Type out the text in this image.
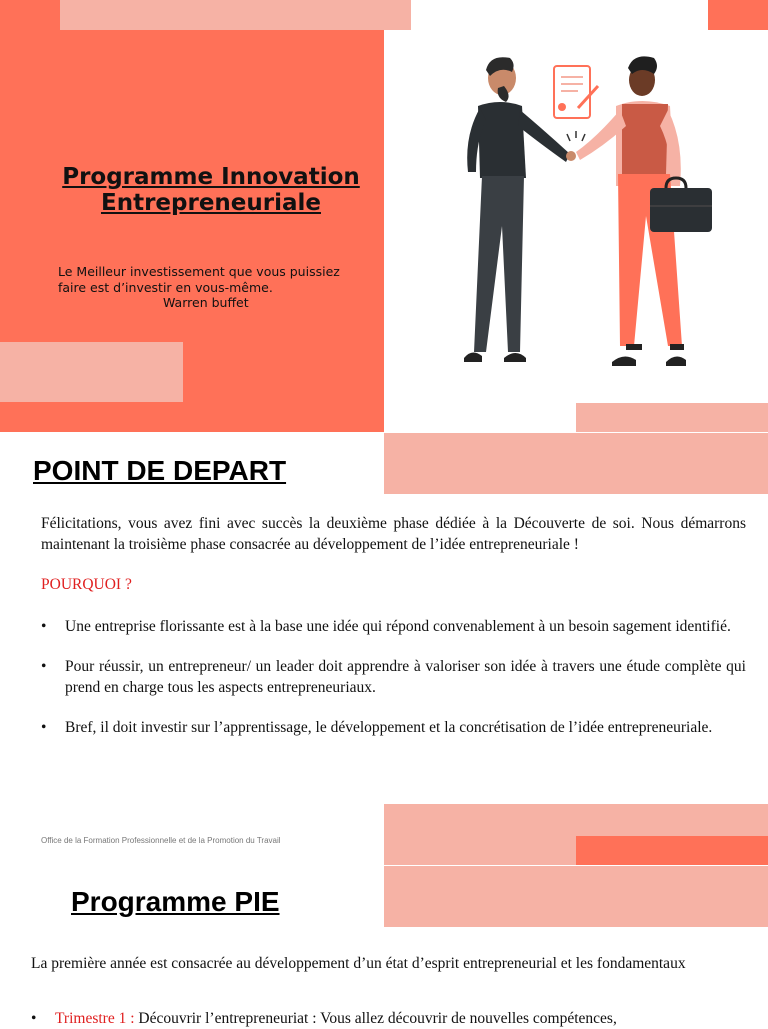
Programme Innovation
Entrepreneuriale
Le Meilleur investissement que vous puissiez
faire est d’investir en vous-même.
Warren buffet
POINT DE DEPART
Félicitations, vous avez fini avec succès la deuxième phase dédiée à la Découverte de soi. Nous démarrons maintenant la troisième phase consacrée au développement de l’idée entrepreneuriale !
POURQUOI ?
• Une entreprise florissante est à la base une idée qui répond convenablement à un besoin sagement identifié.
• Pour réussir, un entrepreneur/ un leader doit apprendre à valoriser son idée à travers une étude complète qui prend en charge tous les aspects entrepreneuriaux.
• Bref, il doit investir sur l’apprentissage, le développement et la concrétisation de l’idée entrepreneuriale.
Office de la Formation Professionnelle et de la Promotion du Travail
Programme PIE
La première année est consacrée au développement d’un état d’esprit entrepreneurial et les fondamentaux
• Trimestre 1 : Découvrir l’entrepreneuriat : Vous allez découvrir de nouvelles compétences,
